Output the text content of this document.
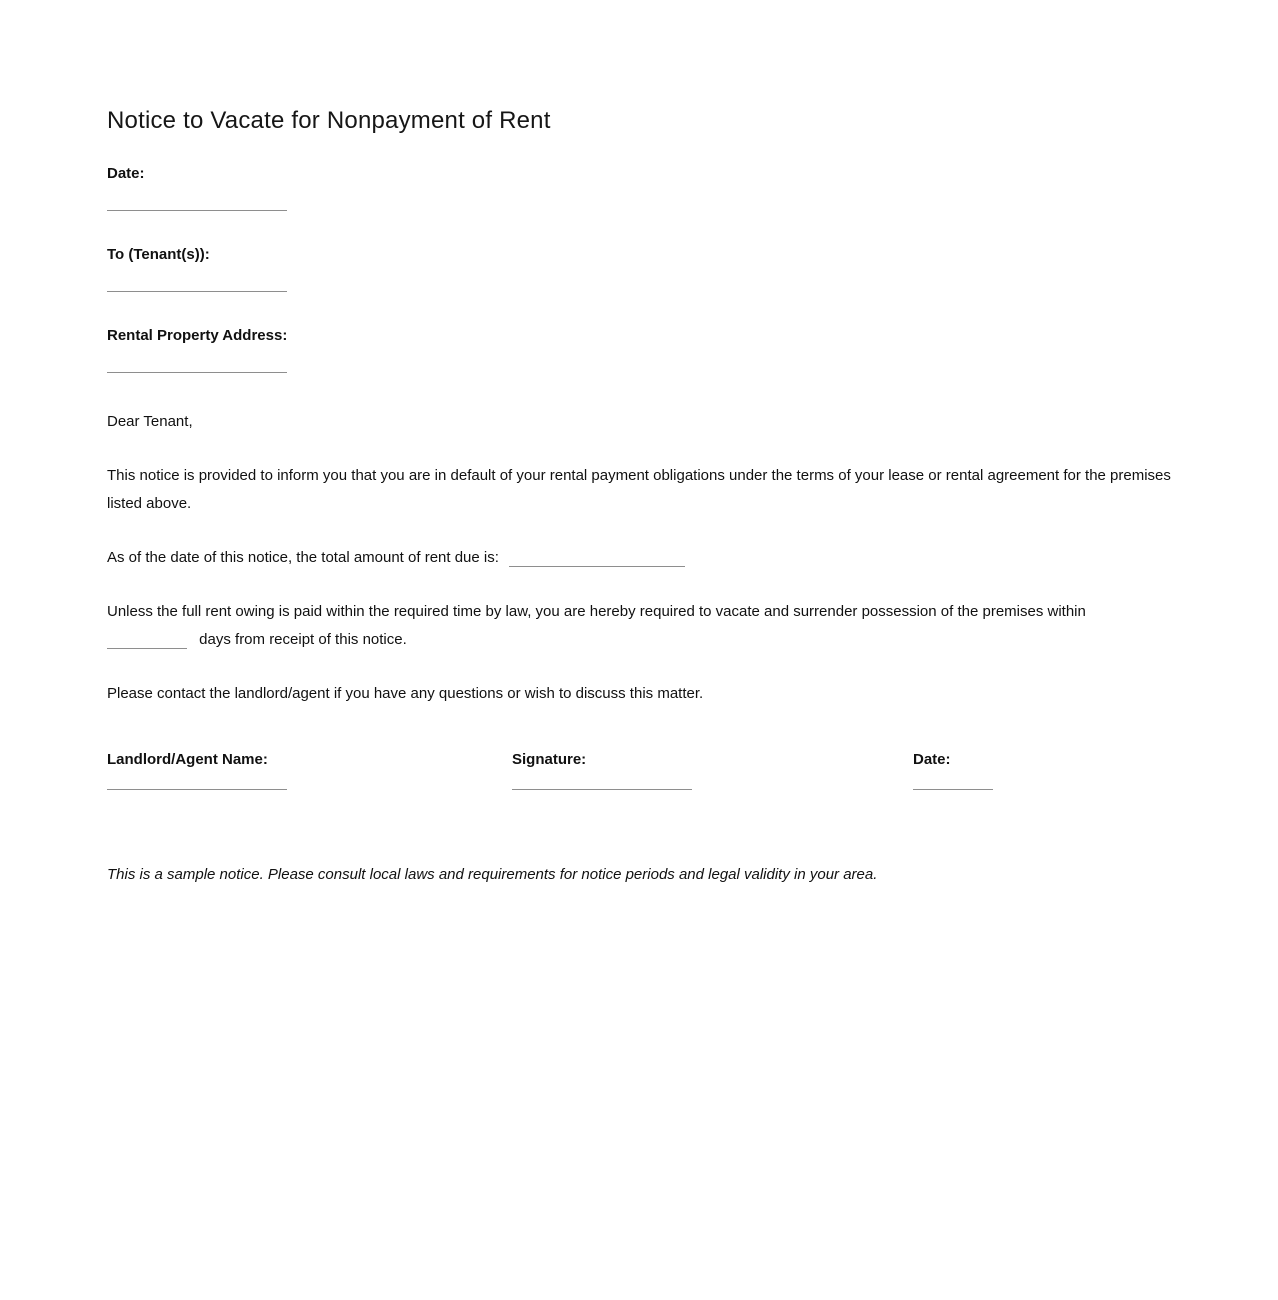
Notice to Vacate for Nonpayment of Rent
Date:
To (Tenant(s)):
Rental Property Address:

Dear Tenant,

This notice is provided to inform you that you are in default of your rental payment obligations under the terms of your lease or rental agreement for the premises listed above.

As of the date of this notice, the total amount of rent due is:

Unless the full rent owing is paid within the required time by law, you are hereby required to vacate and surrender possession of the premises within  days from receipt of this notice.

Please contact the landlord/agent if you have any questions or wish to discuss this matter.

Landlord/Agent Name:	Signature:	Date:

This is a sample notice. Please consult local laws and requirements for notice periods and legal validity in your area.
